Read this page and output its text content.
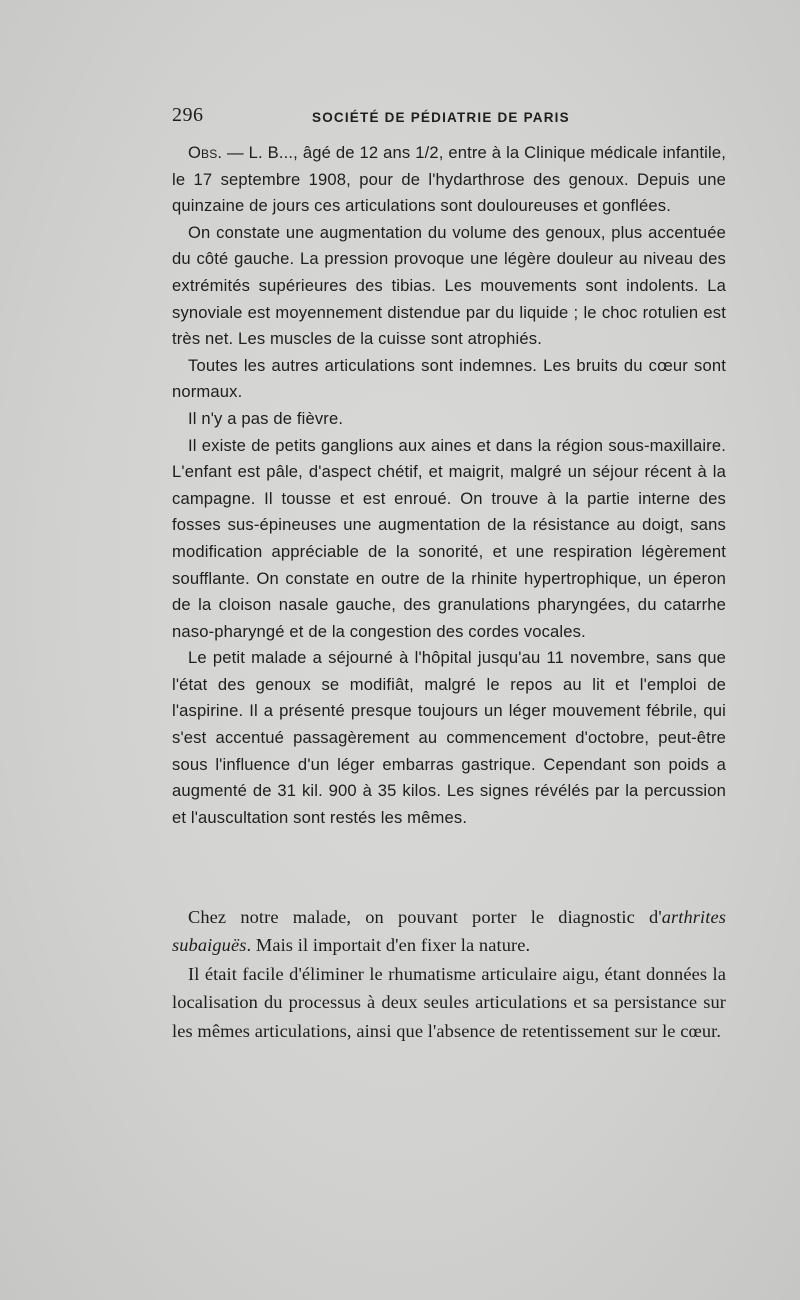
296	SOCIÉTÉ DE PÉDIATRIE DE PARIS

Obs. — L. B..., âgé de 12 ans 1/2, entre à la Clinique médicale infantile, le 17 septembre 1908, pour de l'hydarthrose des genoux. Depuis une quinzaine de jours ces articulations sont douloureuses et gonflées.

On constate une augmentation du volume des genoux, plus accentuée du côté gauche. La pression provoque une légère douleur au niveau des extrémités supérieures des tibias. Les mouvements sont indolents. La synoviale est moyennement distendue par du liquide ; le choc rotulien est très net. Les muscles de la cuisse sont atrophiés.

Toutes les autres articulations sont indemnes. Les bruits du cœur sont normaux.

Il n'y a pas de fièvre.

Il existe de petits ganglions aux aines et dans la région sous-maxillaire. L'enfant est pâle, d'aspect chétif, et maigrit, malgré un séjour récent à la campagne. Il tousse et est enroué. On trouve à la partie interne des fosses sus-épineuses une augmentation de la résistance au doigt, sans modification appréciable de la sonorité, et une respiration légèrement soufflante. On constate en outre de la rhinite hypertrophique, un éperon de la cloison nasale gauche, des granulations pharyngées, du catarrhe naso-pharyngé et de la congestion des cordes vocales.

Le petit malade a séjourné à l'hôpital jusqu'au 11 novembre, sans que l'état des genoux se modifiât, malgré le repos au lit et l'emploi de l'aspirine. Il a présenté presque toujours un léger mouvement fébrile, qui s'est accentué passagèrement au commencement d'octobre, peut-être sous l'influence d'un léger embarras gastrique. Cependant son poids a augmenté de 31 kil. 900 à 35 kilos. Les signes révélés par la percussion et l'auscultation sont restés les mêmes.

Chez notre malade, on pouvant porter le diagnostic d'arthrites subaiguës. Mais il importait d'en fixer la nature.

Il était facile d'éliminer le rhumatisme articulaire aigu, étant données la localisation du processus à deux seules articulations et sa persistance sur les mêmes articulations, ainsi que l'absence de retentissement sur le cœur.
